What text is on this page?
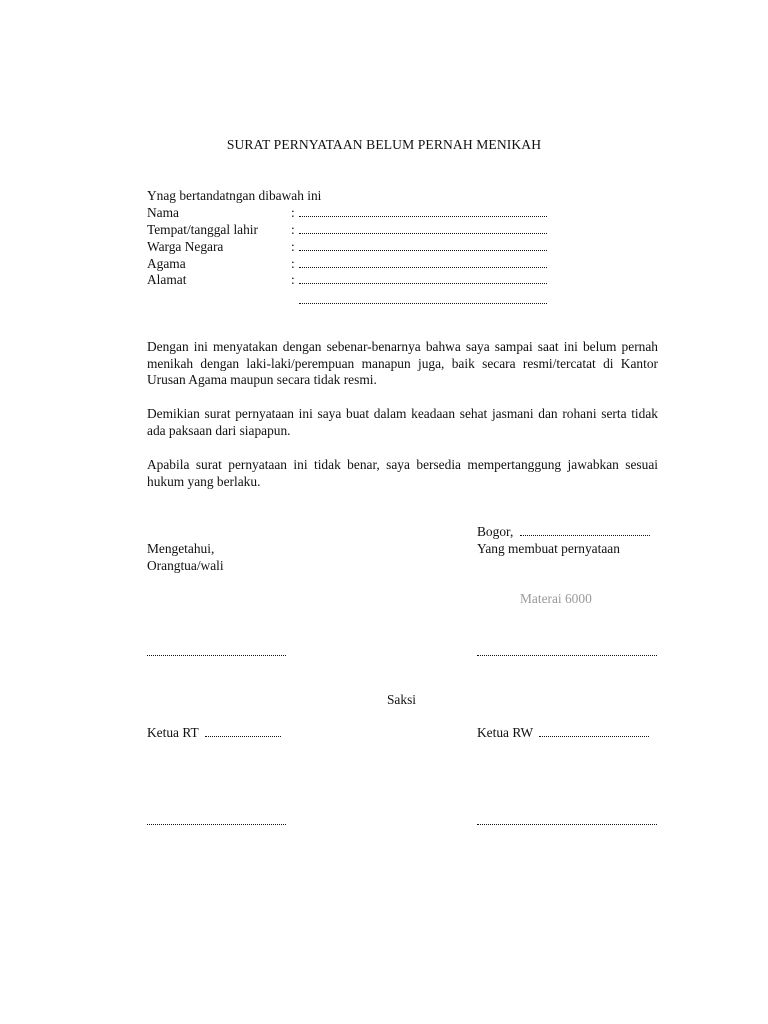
SURAT PERNYATAAN BELUM PERNAH MENIKAH
Ynag bertandatngan dibawah ini
Nama	:
Tempat/tanggal lahir :
Warga Negara	:
Agama	:
Alamat	:
Dengan ini menyatakan dengan sebenar-benarnya bahwa saya sampai saat ini belum pernah menikah dengan laki-laki/perempuan manapun juga, baik secara resmi/tercatat di Kantor Urusan Agama maupun secara tidak resmi.
Demikian surat pernyataan ini saya buat dalam keadaan sehat jasmani dan rohani serta tidak ada paksaan dari siapapun.
Apabila surat pernyataan ini tidak benar, saya bersedia mempertanggung jawabkan sesuai hukum yang berlaku.
Bogor,
Mengetahui,	Yang membuat pernyataan
Orangtua/wali
Materai 6000
Saksi
Ketua RT	Ketua RW
